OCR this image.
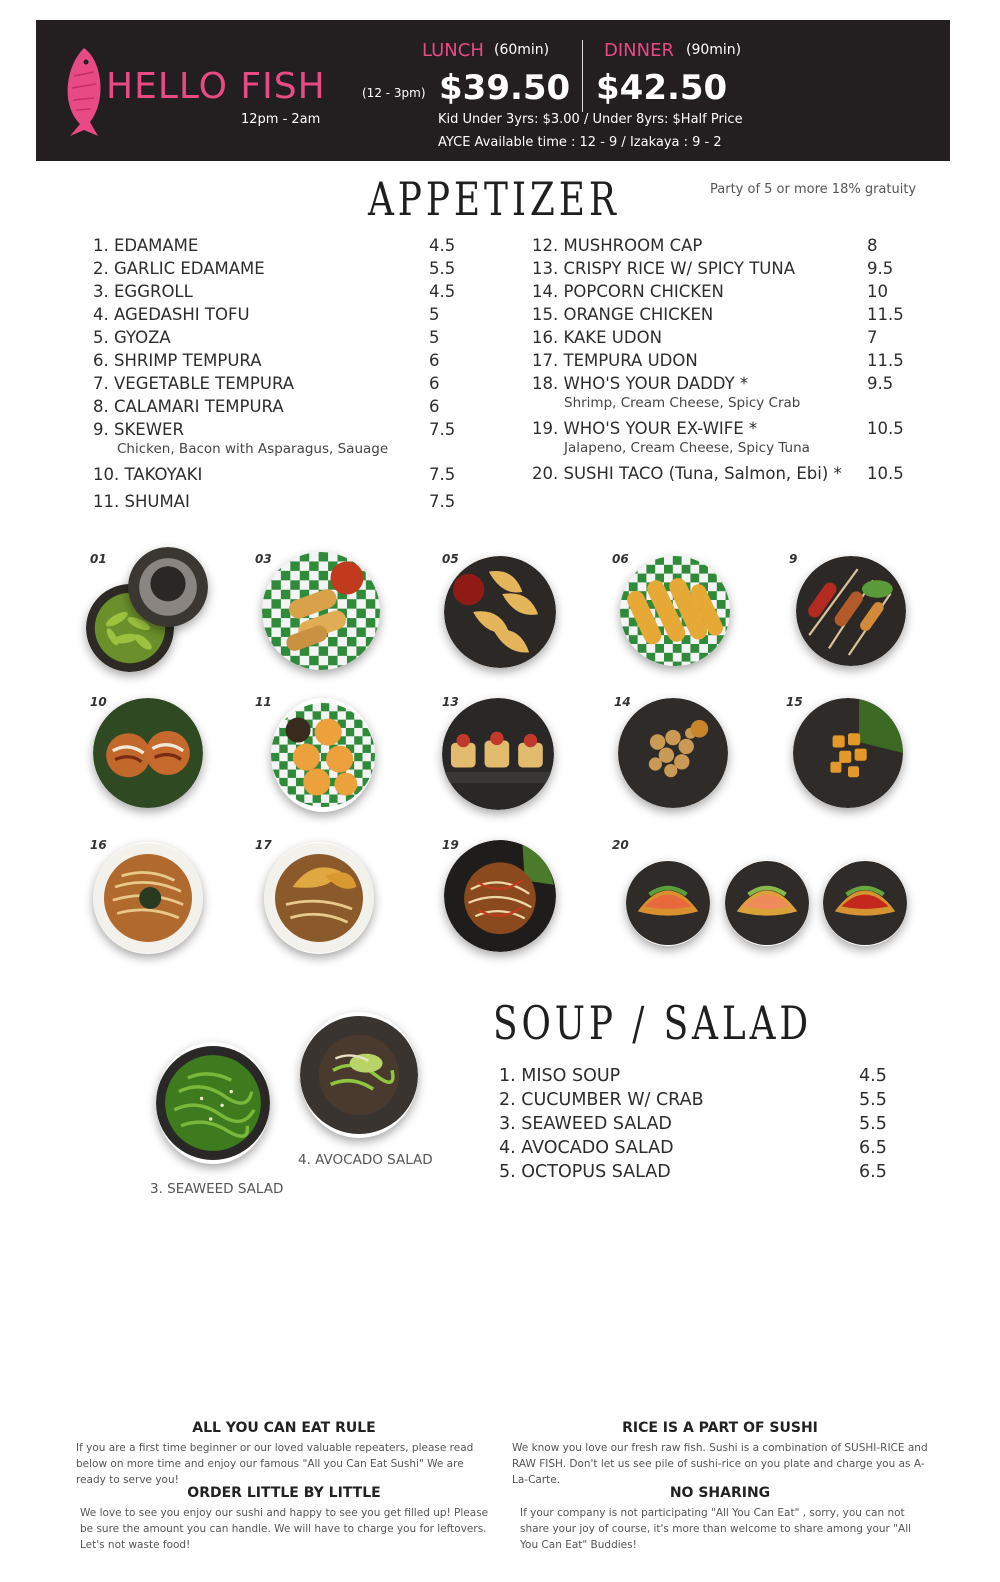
HELLO FISH
12pm - 2am
LUNCH (60min)
(12 - 3pm) $39.50
DINNER (90min)
$42.50
Kid Under 3yrs: $3.00 / Under 8yrs: $Half Price
AYCE Available time : 12 - 9 / Izakaya : 9 - 2
APPETIZER	Party of 5 or more 18% gratuity
1. EDAMAME	4.5
2. GARLIC EDAMAME	5.5
3. EGGROLL	4.5
4. AGEDASHI TOFU	5
5. GYOZA	5
6. SHRIMP TEMPURA	6
7. VEGETABLE TEMPURA	6
8. CALAMARI TEMPURA	6
9. SKEWER	7.5
Chicken, Bacon with Asparagus, Sauage
10. TAKOYAKI	7.5
11. SHUMAI	7.5
12. MUSHROOM CAP	8
13. CRISPY RICE W/ SPICY TUNA	9.5
14. POPCORN CHICKEN	10
15. ORANGE CHICKEN	11.5
16. KAKE UDON	7
17. TEMPURA UDON	11.5
18. WHO'S YOUR DADDY *	9.5
Shrimp, Cream Cheese, Spicy Crab
19. WHO'S YOUR EX-WIFE *	10.5
Jalapeno, Cream Cheese, Spicy Tuna
20. SUSHI TACO (Tuna, Salmon, Ebi) * 10.5
01	03	05	06	9
10	11	13	14	15
16	17	19	20
SOUP / SALAD
1. MISO SOUP	4.5
2. CUCUMBER W/ CRAB	5.5
3. SEAWEED SALAD	5.5
4. AVOCADO SALAD	6.5
5. OCTOPUS SALAD	6.5
4. AVOCADO SALAD
3. SEAWEED SALAD
ALL YOU CAN EAT RULE
If you are a first time beginner or our loved valuable repeaters, please read below on more time and enjoy our famous "All you Can Eat Sushi" We are ready to serve you!
RICE IS A PART OF SUSHI
We know you love our fresh raw fish. Sushi is a combination of SUSHI-RICE and RAW FISH. Don't let us see pile of sushi-rice on you plate and charge you as A-La-Carte.
ORDER LITTLE BY LITTLE
We love to see you enjoy our sushi and happy to see you get filled up! Please be sure the amount you can handle. We will have to charge you for leftovers. Let's not waste food!
NO SHARING
If your company is not participating "All You Can Eat" , sorry, you can not share your joy of course, it's more than welcome to share among your "All You Can Eat" Buddies!
